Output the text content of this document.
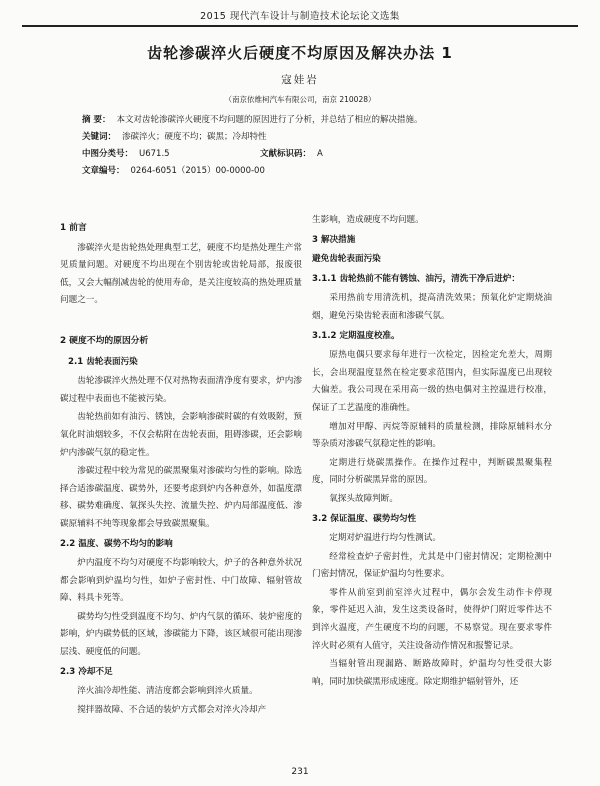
2015 现代汽车设计与制造技术论坛论文选集
齿轮渗碳淬火后硬度不均原因及解决办法 1
寇娃岩
（南京依维柯汽车有限公司，南京 210028）
摘 要： 本文对齿轮渗碳淬火硬度不均问题的原因进行了分析，并总结了相应的解决措施。
关键词： 渗碳淬火；硬度不均；碳黑；冷却特性
中图分类号： U671.5	文献标识码： A
文章编号： 0264-6051（2015）00-0000-00
1 前言

渗碳淬火是齿轮热处理典型工艺，硬度不均是热处理生产常见质量问题。对硬度不均出现在个别齿轮或齿轮局部，报废很低，又会大幅削减齿轮的使用寿命，是关注度较高的热处理质量问题之一。

2 硬度不均的原因分析
2.1 齿轮表面污染

齿轮渗碳淬火热处理不仅对热物表面清净度有要求，炉内渗碳过程中表面也不能被污染。

齿轮热前如有油污、锈蚀，会影响渗碳时碳的有效吸附，预氧化时油烟较多，不仅会粘附在齿轮表面，阻碍渗碳，还会影响炉内渗碳气氛的稳定性。

渗碳过程中较为常见的碳黑聚集对渗碳均匀性的影响。除选择合适渗碳温度、碳势外，还要考虑到炉内各种意外，如温度漂移、碳势难确度、氧探头失控、流量失控、炉内局部温度低、渗碳原辅料不纯等现象都会导致碳黑聚集。

2.2 温度、碳势不均匀的影响

炉内温度不均匀对硬度不均影响较大，炉子的各种意外状况都会影响到炉温均匀性，如炉子密封性、中门故障、辐射管故障、料具卡死等。

碳势均匀性受到温度不均匀、炉内气氛的循环、装炉密度的影响，炉内碳势低的区域，渗碳能力下降，该区域很可能出现渗层浅、硬度低的问题。

2.3 冷却不足

淬火油冷却性能、清洁度都会影响到淬火质量。

搅拌器故障、不合适的装炉方式都会对淬火冷却产

生影响，造成硬度不均问题。

3 解决措施
避免齿轮表面污染
3.1.1 齿轮热前不能有锈蚀、油污，清洗干净后进炉：

采用热前专用清洗机，提高清洗效果；预氧化炉定期烧油烟，避免污染齿轮表面和渗碳气氛。

3.1.2 定期温度校准。

原热电偶只要求每年进行一次检定，因检定允差大，周期长，会出现温度显然在检定要求范围内，但实际温度已出现较大偏差。我公司现在采用高一级的热电偶对主控温进行校准，保证了工艺温度的准确性。

增加对甲醇、丙烷等原辅料的质量检测，排除原辅料水分等杂质对渗碳气氛稳定性的影响。

定期进行烧碳黑操作。在操作过程中，判断碳黑聚集程度，同时分析碳黑异常的原因。

氧探头故障判断。

3.2 保证温度、碳势均匀性

定期对炉温进行均匀性测试。

经常检查炉子密封性，尤其是中门密封情况；定期检测中门密封情况，保证炉温均匀性要求。

零件从前室到前室淬火过程中，偶尔会发生动作卡停现象，零件延迟入油，发生这类设备时，使得炉门附近零件达不到淬火温度，产生硬度不均的问题，不易察觉。现在要求零件淬火时必须有人值守，关注设备动作情况和报警记录。

当辐射管出现漏路、断路故障时，炉温均匀性受很大影响，同时加快碳黑形成速度。除定期维护辐射管外，还

231
